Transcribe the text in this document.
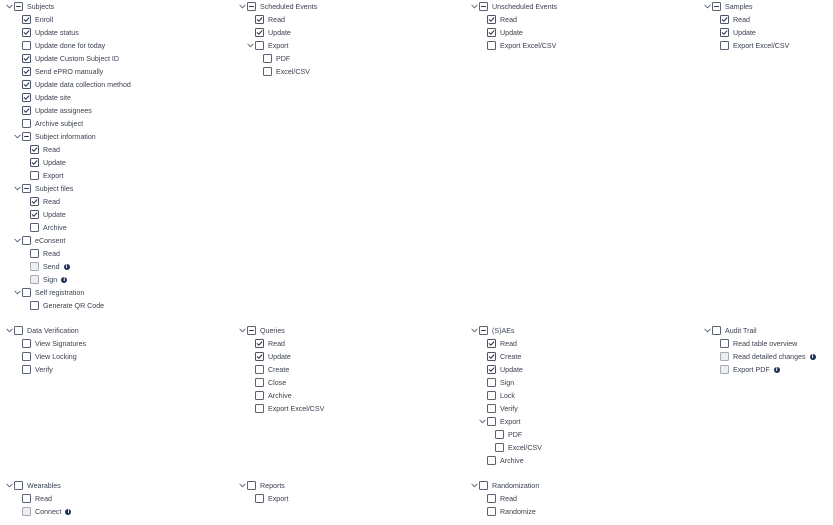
Subjects
Enroll
Update status
Update done for today
Update Custom Subject ID
Send ePRO manually
Update data collection method
Update site
Update assignees
Archive subject
Subject information
Read
Update
Export
Subject files
Read
Update
Archive
eConsent
Read
Send	i
Sign	i
Self registration
Generate QR Code
Scheduled Events
Read
Update
Export
PDF
Excel/CSV
Unscheduled Events
Read
Update
Export Excel/CSV
Samples
Read
Update
Export Excel/CSV
Data Verification
View Signatures
View Locking
Verify
Queries
Read
Update
Create
Close
Archive
Export Excel/CSV
(S)AEs
Read
Create
Update
Sign
Lock
Verify
Export
PDF
Excel/CSV
Archive
Audit Trail
Read table overview
Read detailed changes	i
Export PDF	i
Wearables
Read
Connect	i
Reports
Export
Randomization
Read
Randomize
